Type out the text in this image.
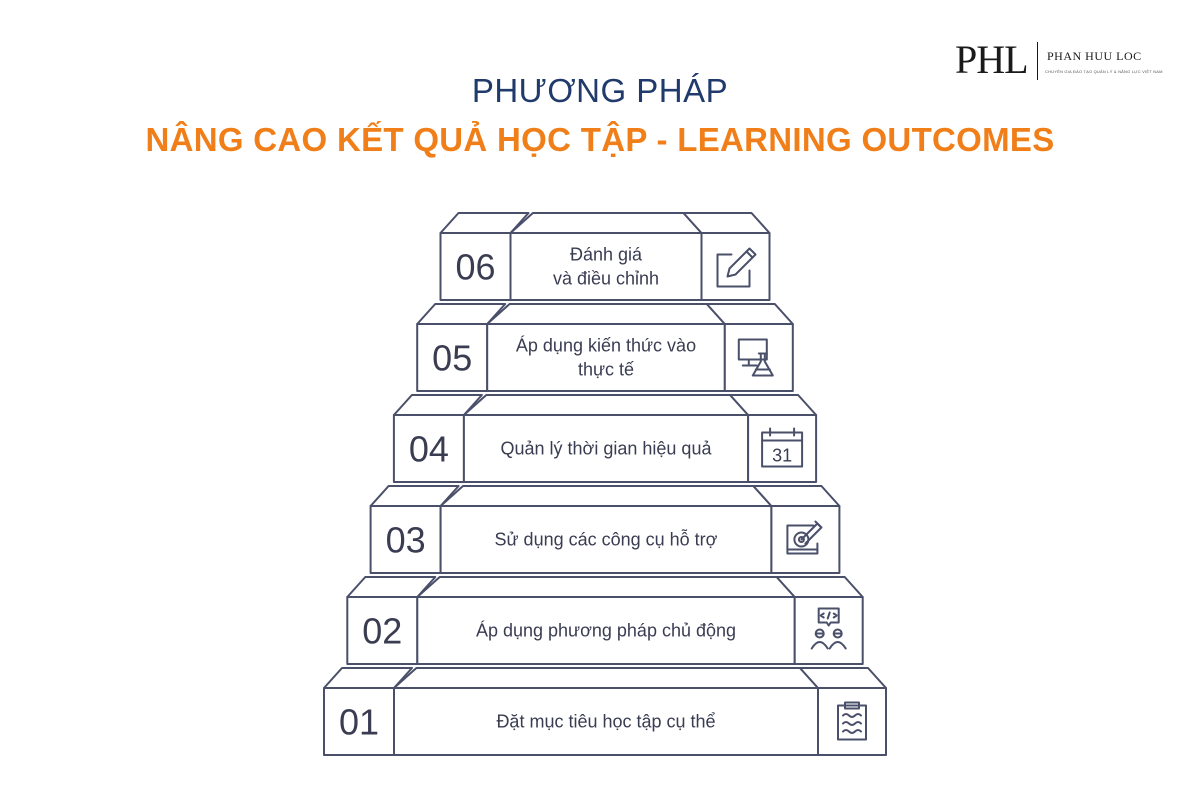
PHL PHAN HUU LOC
CHUYÊN GIA ĐÀO TẠO QUẢN LÝ & NĂNG LỰC VIỆT NAM
PHƯƠNG PHÁP
NÂNG CAO KẾT QUẢ HỌC TẬP - LEARNING OUTCOMES
01	Đặt mục tiêu học tập cụ thể
02	Áp dụng phương pháp chủ động
03	Sử dụng các công cụ hỗ trợ
04	Quản lý thời gian hiệu quả	31
05 Áp dụng kiến thức vào
thực tế
06	Đánh giá
và điều chỉnh
